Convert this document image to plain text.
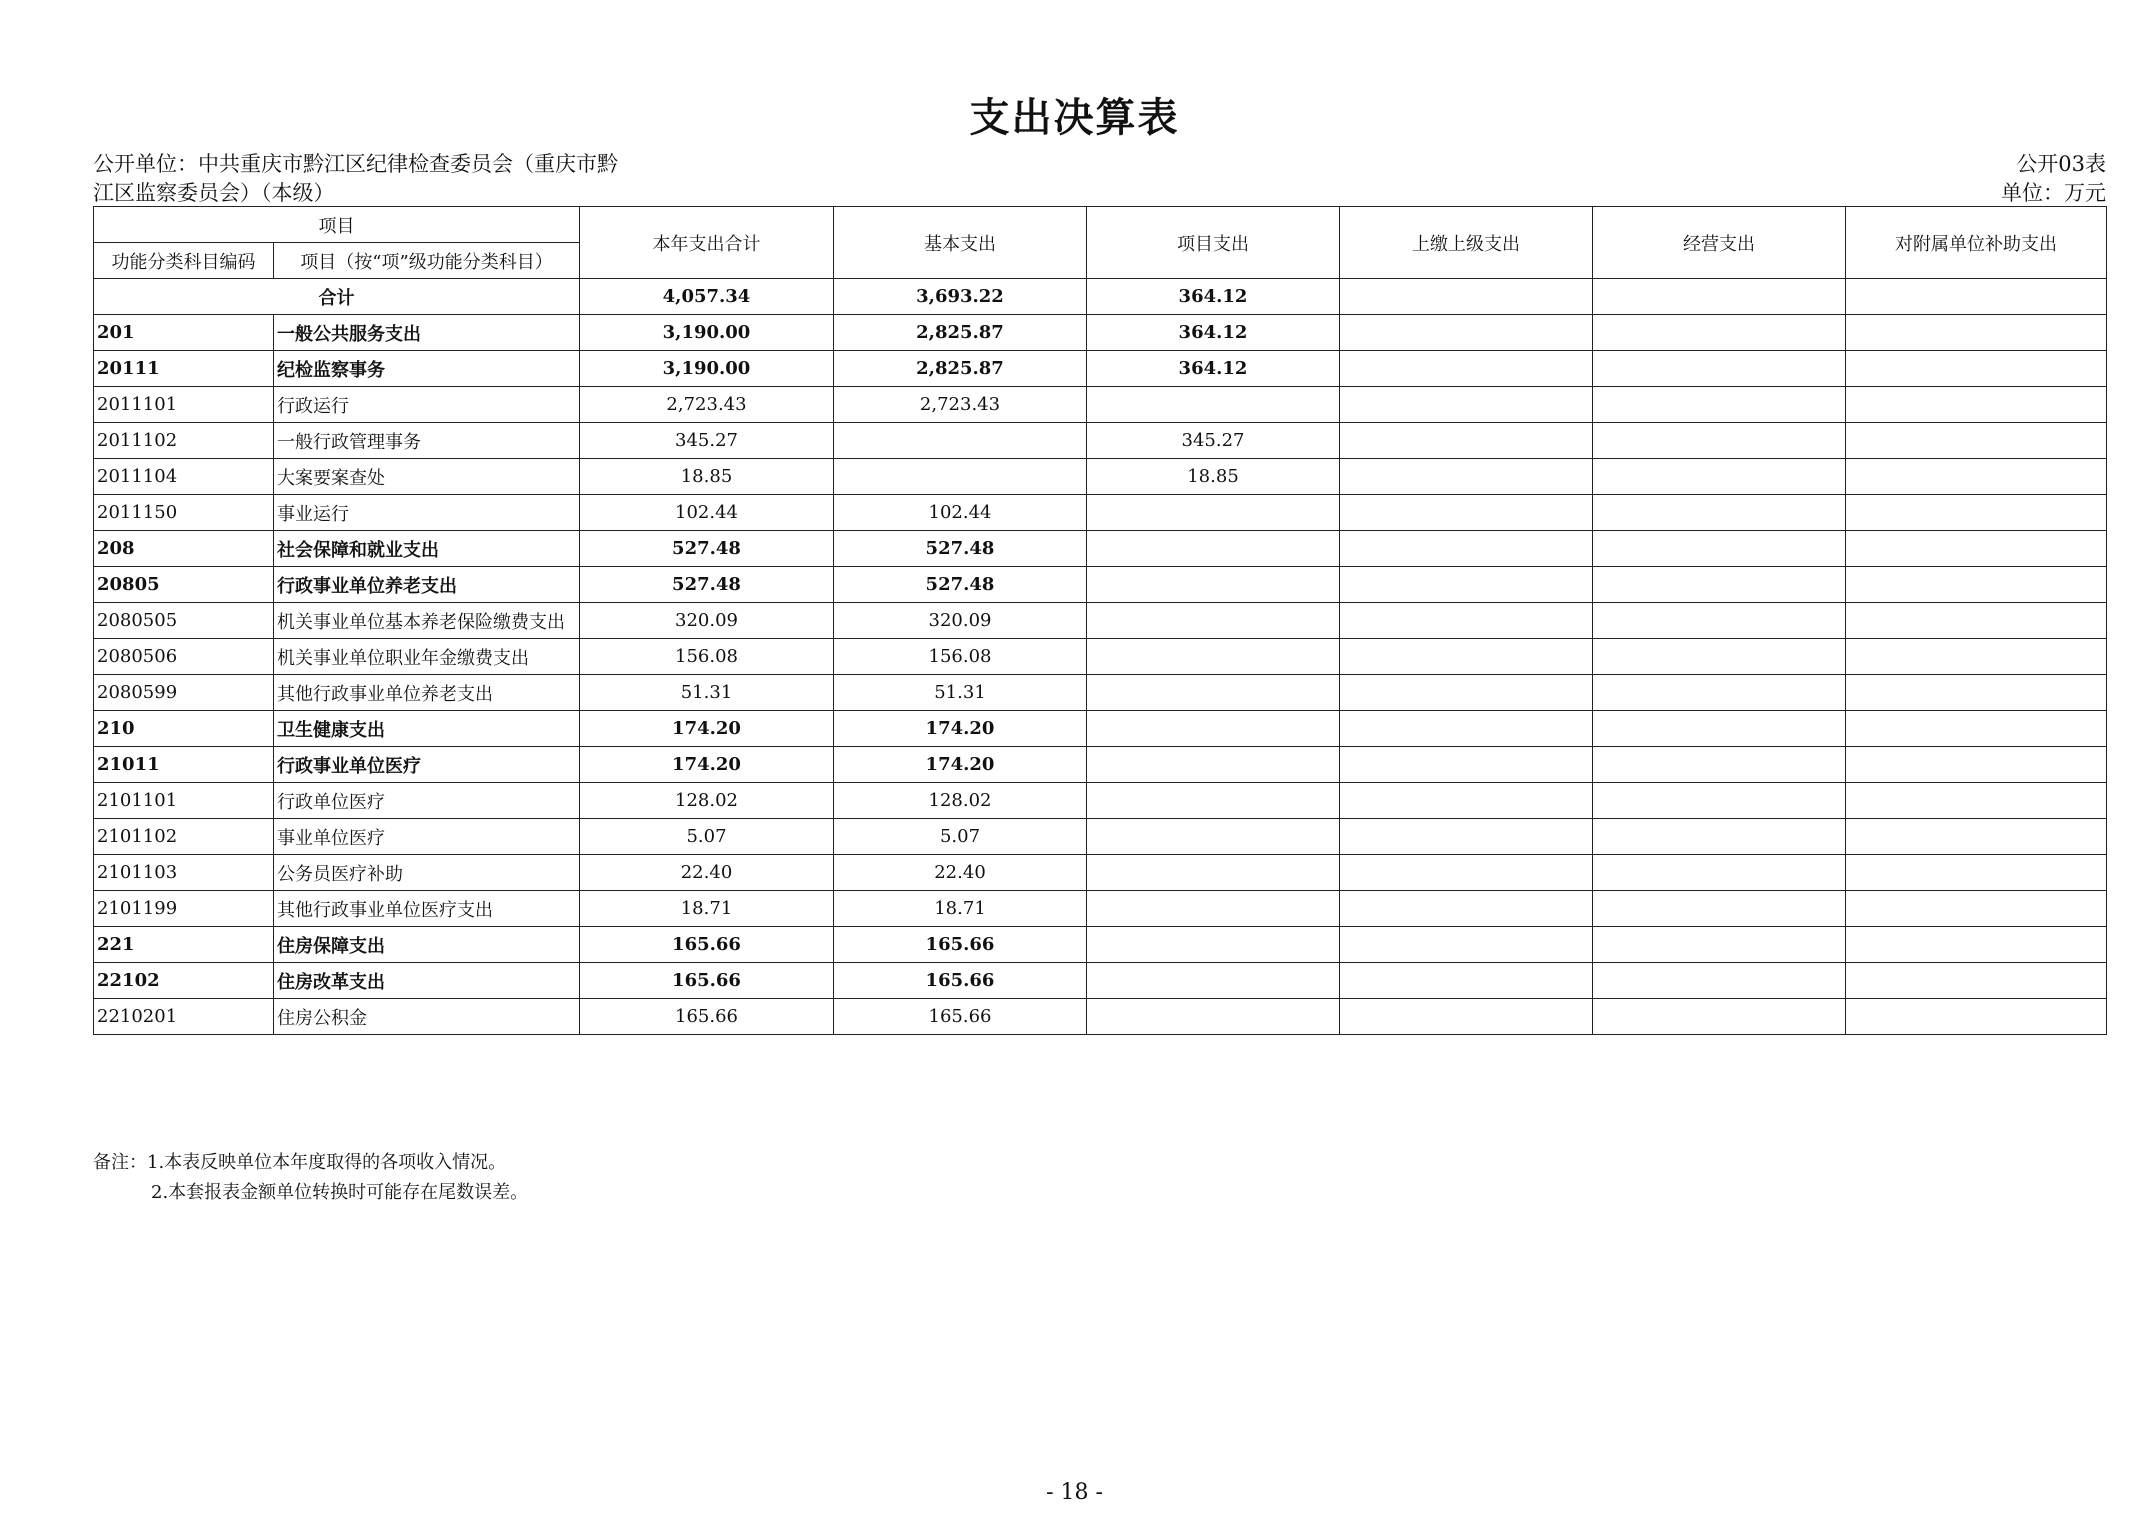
支出决算表
公开单位：中共重庆市黔江区纪律检查委员会（重庆市黔江区监察委员会）（本级）
公开03表
单位：万元
项目		本年支出合计	基本支出	项目支出	上缴上级支出	经营支出	对附属单位补助支出
功能分类科目编码	项目（按“项”级功能分类科目）						
合计		4,057.34	3,693.22	364.12			
201	一般公共服务支出	3,190.00	2,825.87	364.12			
20111	纪检监察事务	3,190.00	2,825.87	364.12			
2011101	行政运行	2,723.43	2,723.43				
2011102	一般行政管理事务	345.27		345.27			
2011104	大案要案查处	18.85		18.85			
2011150	事业运行	102.44	102.44				
208	社会保障和就业支出	527.48	527.48				
20805	行政事业单位养老支出	527.48	527.48				
2080505	机关事业单位基本养老保险缴费支出	320.09	320.09				
2080506	机关事业单位职业年金缴费支出	156.08	156.08				
2080599	其他行政事业单位养老支出	51.31	51.31				
210	卫生健康支出	174.20	174.20				
21011	行政事业单位医疗	174.20	174.20				
2101101	行政单位医疗	128.02	128.02				
2101102	事业单位医疗	5.07	5.07				
2101103	公务员医疗补助	22.40	22.40				
2101199	其他行政事业单位医疗支出	18.71	18.71				
221	住房保障支出	165.66	165.66				
22102	住房改革支出	165.66	165.66				
2210201	住房公积金	165.66	165.66				
备注：1.本表反映单位本年度取得的各项收入情况。
2.本套报表金额单位转换时可能存在尾数误差。
- 18 -
